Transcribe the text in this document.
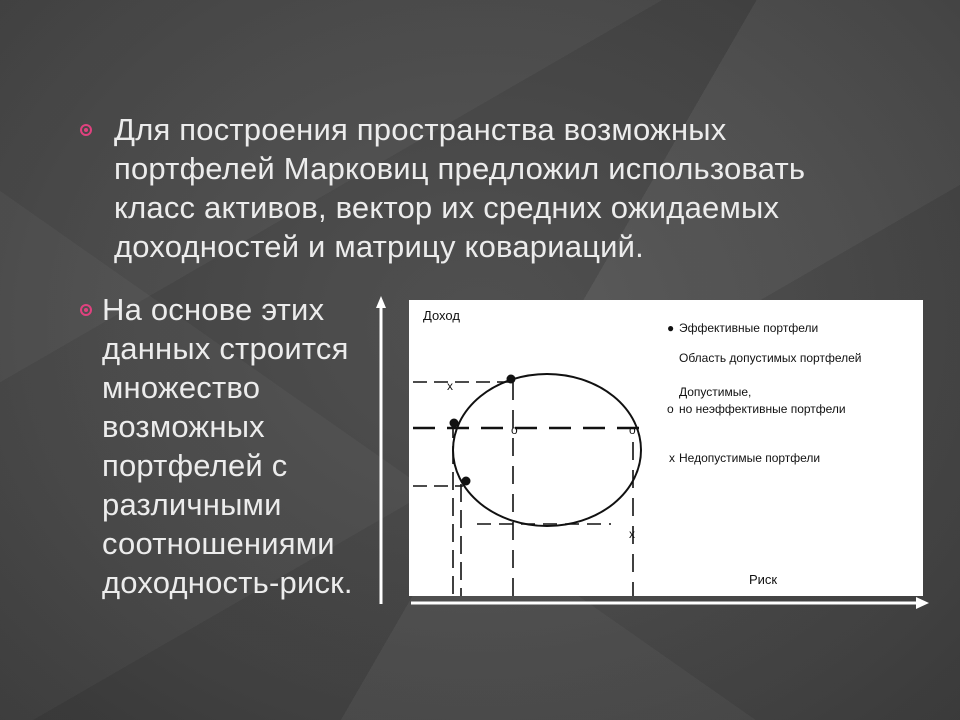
Для построения пространства возможных
портфелей Марковиц предложил использовать
класс активов, вектор их средних ожидаемых
доходностей и матрицу ковариаций.
На основе этих
данных строится
множество
возможных
портфелей с
различными
соотношениями
доходность-риск.
Доход
Риск
o	o
x
x
● Эффективные портфели
Область допустимых портфелей
Допустимые,
o но неэффективные портфели
x Недопустимые портфели
